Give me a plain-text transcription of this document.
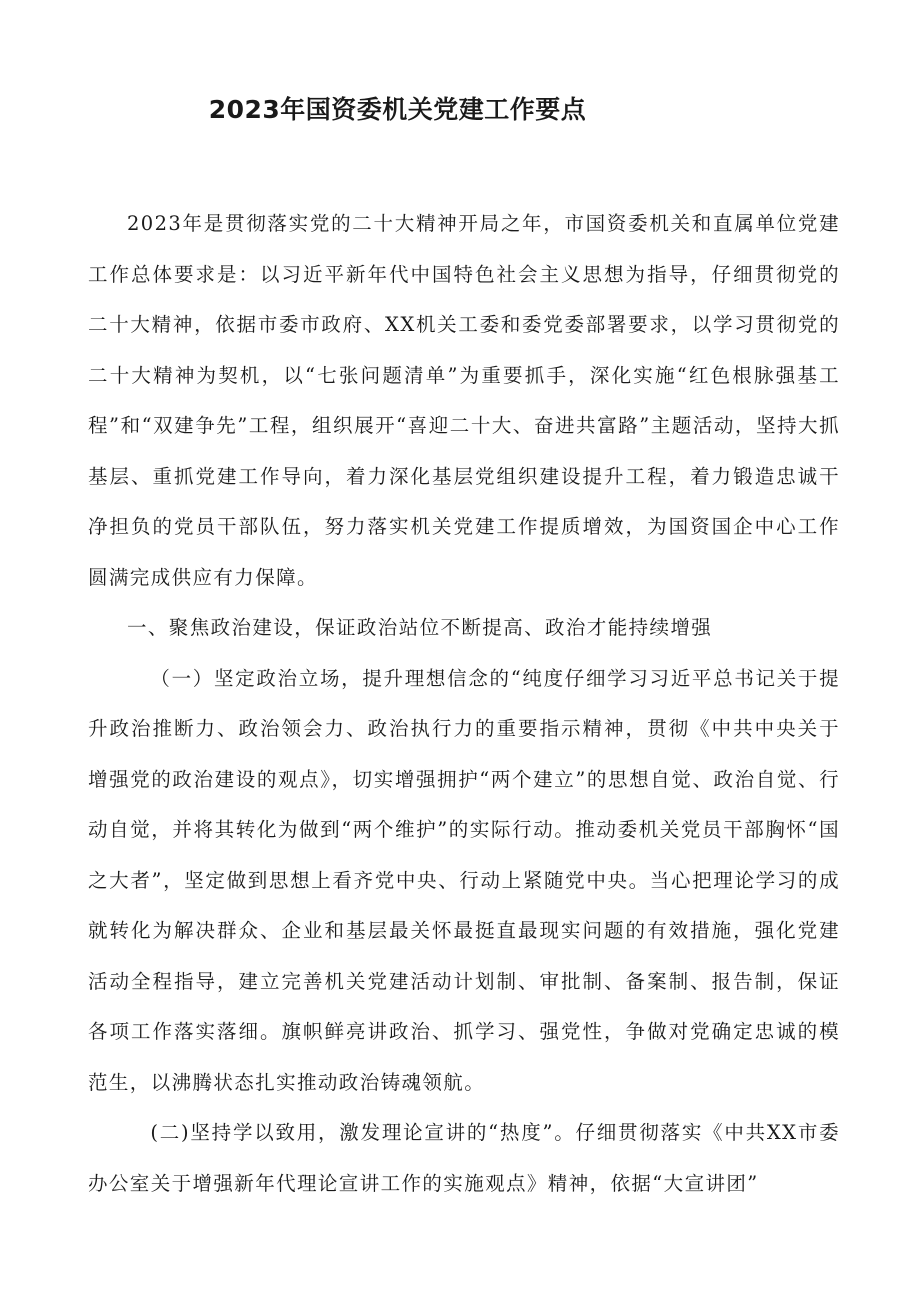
2023年国资委机关党建工作要点

2023年是贯彻落实党的二十大精神开局之年，市国资委机关和直属单位党建工作总体要求是：以习近平新年代中国特色社会主义思想为指导，仔细贯彻党的二十大精神，依据市委市政府、XX机关工委和委党委部署要求，以学习贯彻党的二十大精神为契机，以“七张问题清单”为重要抓手，深化实施“红色根脉强基工程”和“双建争先”工程，组织展开“喜迎二十大、奋进共富路”主题活动，坚持大抓基层、重抓党建工作导向，着力深化基层党组织建设提升工程，着力锻造忠诚干净担负的党员干部队伍，努力落实机关党建工作提质增效，为国资国企中心工作圆满完成供应有力保障。

一、聚焦政治建设，保证政治站位不断提高、政治才能持续增强

（一）坚定政治立场，提升理想信念的“纯度仔细学习习近平总书记关于提升政治推断力、政治领会力、政治执行力的重要指示精神，贯彻《中共中央关于增强党的政治建设的观点》，切实增强拥护“两个建立”的思想自觉、政治自觉、行动自觉，并将其转化为做到“两个维护”的实际行动。推动委机关党员干部胸怀“国之大者”，坚定做到思想上看齐党中央、行动上紧随党中央。当心把理论学习的成就转化为解决群众、企业和基层最关怀最挺直最现实问题的有效措施，强化党建活动全程指导，建立完善机关党建活动计划制、审批制、备案制、报告制，保证各项工作落实落细。旗帜鲜亮讲政治、抓学习、强党性，争做对党确定忠诚的模范生，以沸腾状态扎实推动政治铸魂领航。

(二)坚持学以致用，激发理论宣讲的“热度”。仔细贯彻落实《中共XX市委办公室关于增强新年代理论宣讲工作的实施观点》精神，依据“大宣讲团”
